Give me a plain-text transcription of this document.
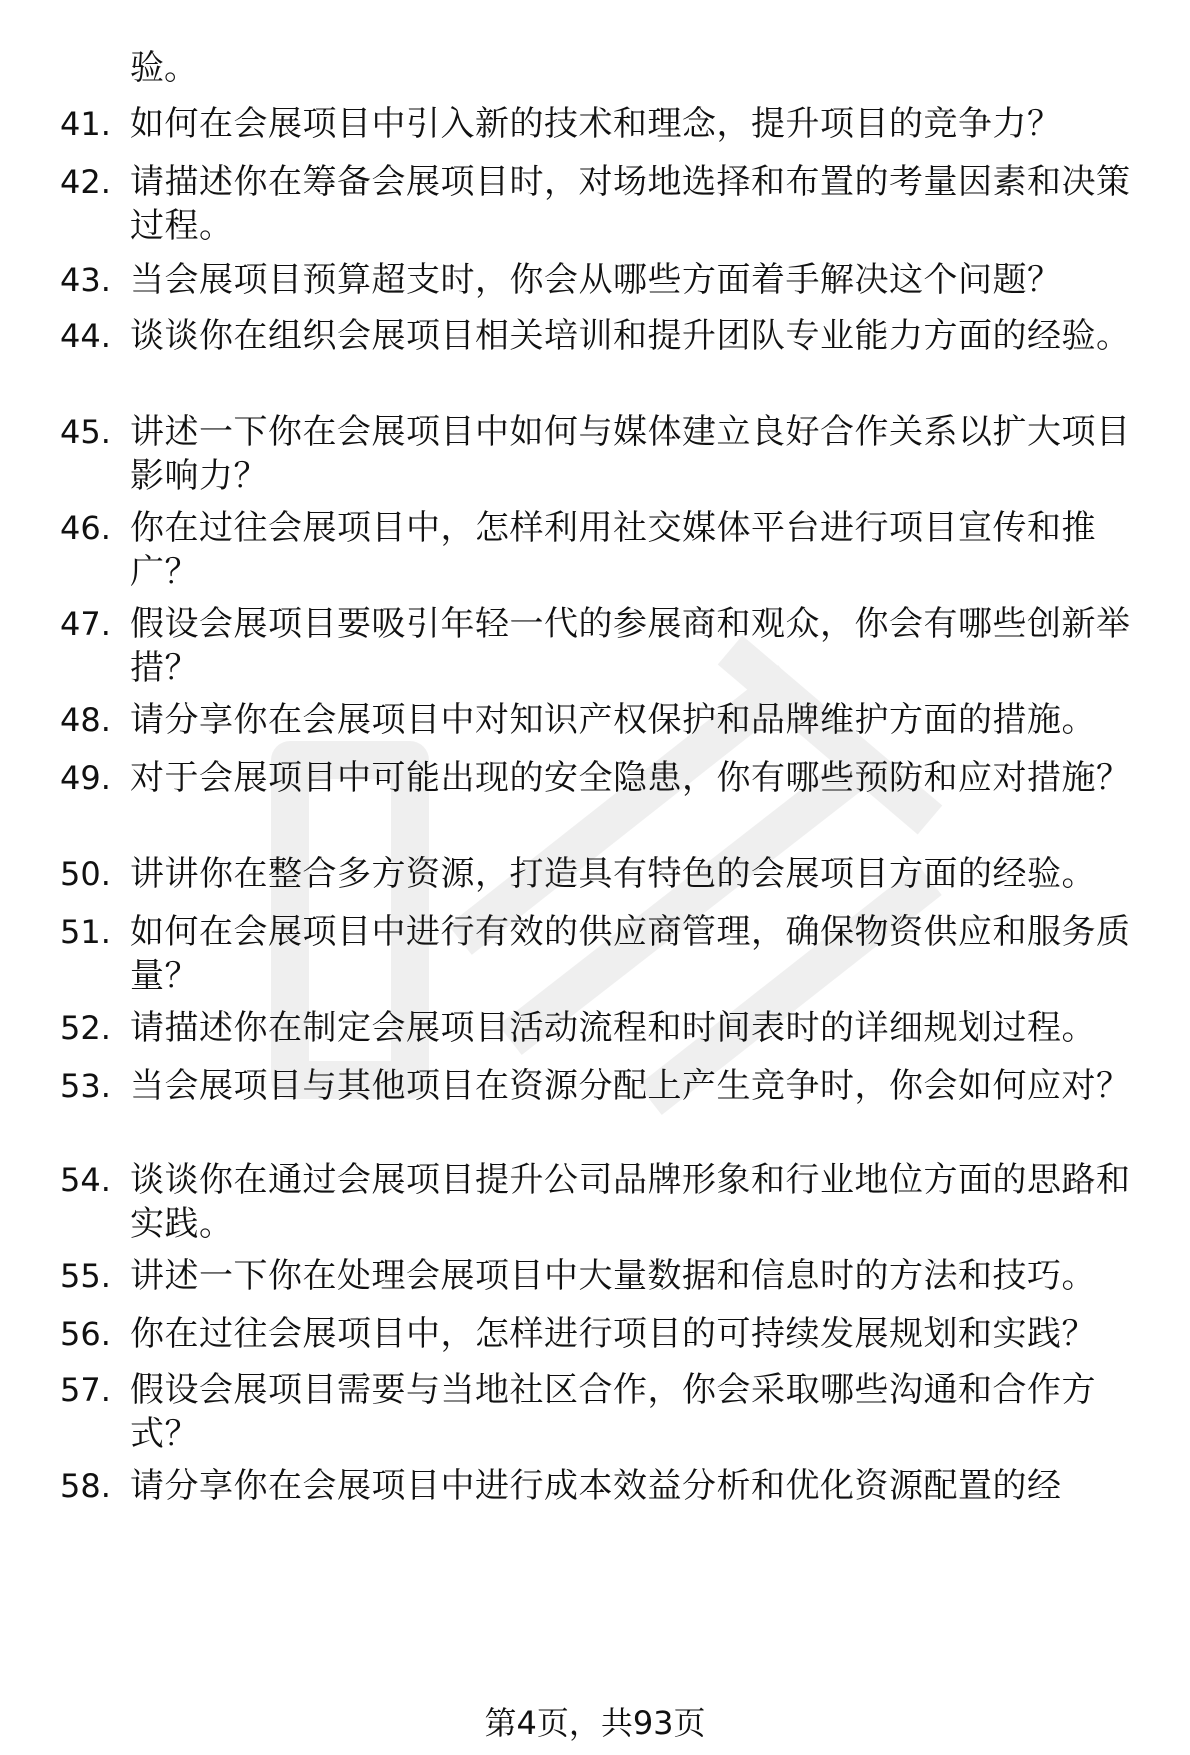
验。
41. 如何在会展项目中引入新的技术和理念，提升项目的竞争力？
42. 请描述你在筹备会展项目时，对场地选择和布置的考量因素和决策过程。
43. 当会展项目预算超支时，你会从哪些方面着手解决这个问题？
44. 谈谈你在组织会展项目相关培训和提升团队专业能力方面的经验。
45. 讲述一下你在会展项目中如何与媒体建立良好合作关系以扩大项目影响力？
46. 你在过往会展项目中，怎样利用社交媒体平台进行项目宣传和推广？
47. 假设会展项目要吸引年轻一代的参展商和观众，你会有哪些创新举措？
48. 请分享你在会展项目中对知识产权保护和品牌维护方面的措施。
49. 对于会展项目中可能出现的安全隐患，你有哪些预防和应对措施？
50. 讲讲你在整合多方资源，打造具有特色的会展项目方面的经验。
51. 如何在会展项目中进行有效的供应商管理，确保物资供应和服务质量？
52. 请描述你在制定会展项目活动流程和时间表时的详细规划过程。
53. 当会展项目与其他项目在资源分配上产生竞争时，你会如何应对？
54. 谈谈你在通过会展项目提升公司品牌形象和行业地位方面的思路和实践。
55. 讲述一下你在处理会展项目中大量数据和信息时的方法和技巧。
56. 你在过往会展项目中，怎样进行项目的可持续发展规划和实践？
57. 假设会展项目需要与当地社区合作，你会采取哪些沟通和合作方式？
58. 请分享你在会展项目中进行成本效益分析和优化资源配置的经
第4页，共93页
